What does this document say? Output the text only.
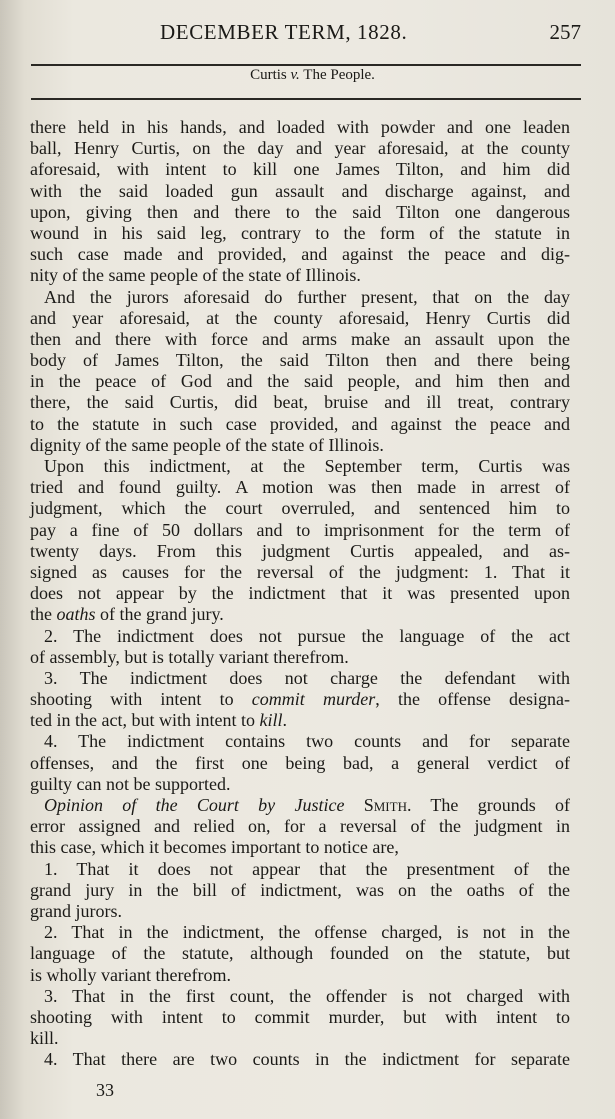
DECEMBER TERM, 1828.	257
Curtis v. The People.
there held in his hands, and loaded with powder and one leaden
ball, Henry Curtis, on the day and year aforesaid, at the county
aforesaid, with intent to kill one James Tilton, and him did
with the said loaded gun assault and discharge against, and
upon, giving then and there to the said Tilton one dangerous
wound in his said leg, contrary to the form of the statute in
such case made and provided, and against the peace and dig-
nity of the same people of the state of Illinois.
And the jurors aforesaid do further present, that on the day
and year aforesaid, at the county aforesaid, Henry Curtis did
then and there with force and arms make an assault upon the
body of James Tilton, the said Tilton then and there being
in the peace of God and the said people, and him then and
there, the said Curtis, did beat, bruise and ill treat, contrary
to the statute in such case provided, and against the peace and
dignity of the same people of the state of Illinois.
Upon this indictment, at the September term, Curtis was
tried and found guilty. A motion was then made in arrest of
judgment, which the court overruled, and sentenced him to
pay a fine of 50 dollars and to imprisonment for the term of
twenty days. From this judgment Curtis appealed, and as-
signed as causes for the reversal of the judgment: 1. That it
does not appear by the indictment that it was presented upon
the oaths of the grand jury.
2. The indictment does not pursue the language of the act
of assembly, but is totally variant therefrom.
3. The indictment does not charge the defendant with
shooting with intent to commit murder, the offense designa-
ted in the act, but with intent to kill.
4. The indictment contains two counts and for separate
offenses, and the first one being bad, a general verdict of
guilty can not be supported.
Opinion of the Court by Justice Smith. The grounds of
error assigned and relied on, for a reversal of the judgment in
this case, which it becomes important to notice are,
1. That it does not appear that the presentment of the
grand jury in the bill of indictment, was on the oaths of the
grand jurors.
2. That in the indictment, the offense charged, is not in the
language of the statute, although founded on the statute, but
is wholly variant therefrom.
3. That in the first count, the offender is not charged with
shooting with intent to commit murder, but with intent to
kill.
4. That there are two counts in the indictment for separate
33
